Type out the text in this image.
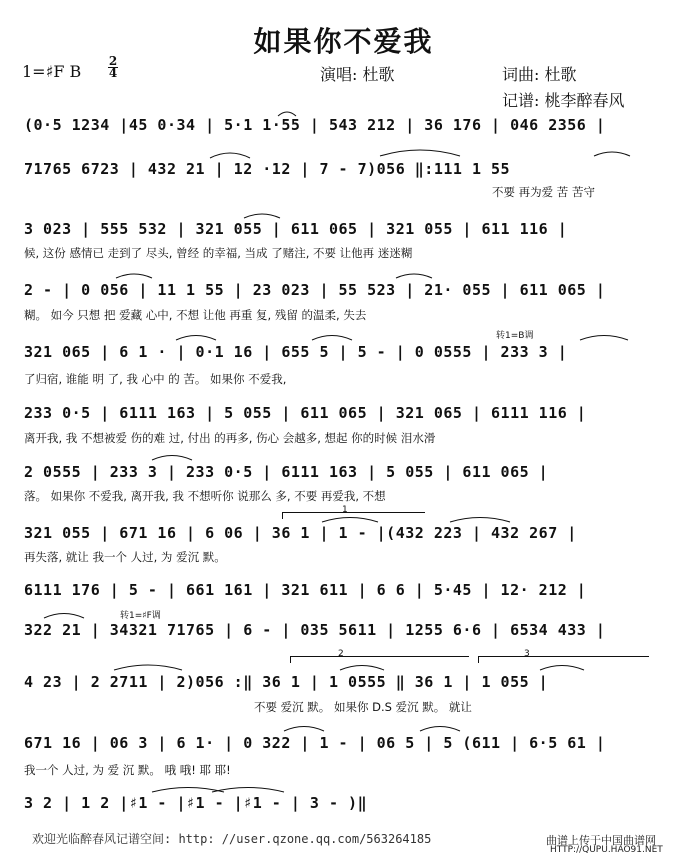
如果你不爱我
1=♯F B
2
4	演唱: 杜歌	词曲: 杜歌
记谱: 桃李醉春风
(0·5 1234 |45 0·34 | 5·1 1·55 | 543 212 | 36 176 | 046 2356 |
71765 6723 | 432 21 | 12 ·12 | 7 - 7)056 ‖:111 1 55
不要 再为爱 苦 苦守
3 023 | 555 532 | 321 055 | 611 065 | 321 055 | 611 116 |
候, 这份 感情已 走到了 尽头, 曾经 的幸福, 当成 了赌注, 不要 让他再 迷迷糊
2 - | 0 056 | 11 1 55 | 23 023 | 55 523 | 21· 055 | 611 065 |
糊。 如今 只想 把 爱藏 心中, 不想 让他 再重 复, 残留 的温柔, 失去
转1=B调
321 065 | 6 1 · | 0·1 16 | 655 5 | 5 - | 0 0555 | 233 3 |
了归宿, 谁能 明 了, 我 心中 的 苦。 如果你 不爱我,
233 0·5 | 6111 163 | 5 055 | 611 065 | 321 065 | 6111 116 |
离开我, 我 不想被爱 伤的难 过, 付出 的再多, 伤心 会越多, 想起 你的时候 泪水滑
2 0555 | 233 3 | 233 0·5 | 6111 163 | 5 055 | 611 065 |
落。 如果你 不爱我, 离开我, 我 不想听你 说那么 多, 不要 再爱我, 不想
1
321 055 | 671 16 | 6 06 | 36 1 | 1 - |(432 223 | 432 267 |
再失落, 就让 我一个 人过, 为 爱沉 默。
6111 176 | 5 - | 661 161 | 321 611 | 6 6 | 5·45 | 12· 212 |
转1=♯F调
322 21 | 34321 71765 | 6 - | 035 5611 | 1255 6·6 | 6534 433 |
2	3
4 23 | 2 2711 | 2)056 :‖ 36 1 | 1 0555 ‖ 36 1 | 1 055 |
不要 爱沉 默。 如果你 D.S 爱沉 默。 就让
671 16 | 06 3 | 6 1· | 0 322 | 1 - | 06 5 | 5 (611 | 6·5 61 |
我一个 人过, 为 爱 沉 默。 哦 哦! 耶 耶!
3 2 | 1 2 |♯1 - |♯1 - |♯1 - | 3 - )‖
欢迎光临醉春风记谱空间: http: //user.qzone.qq.com/563264185	曲谱上传于中国曲谱网
HTTP://QUPU.HAO91.NET
